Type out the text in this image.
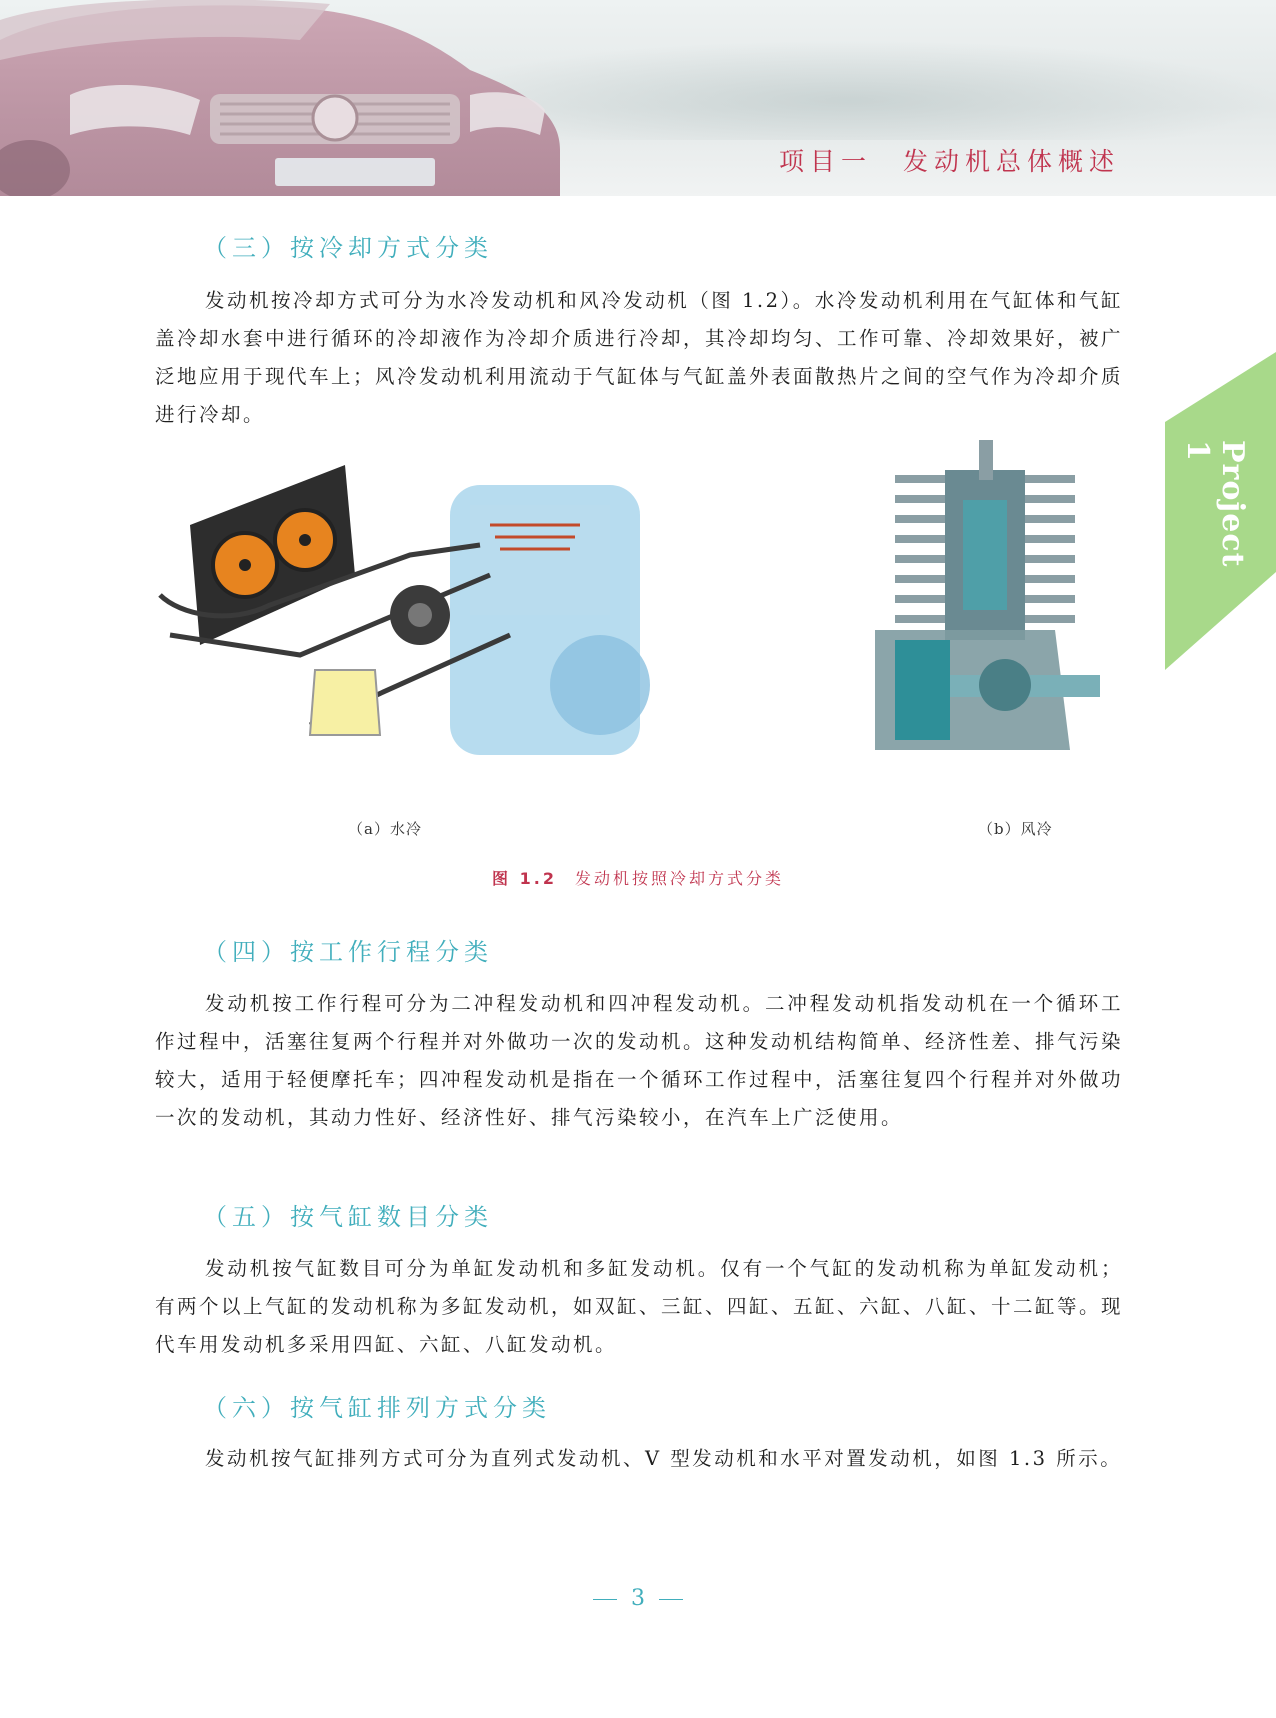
项目一　发动机总体概述
Project 1
（三）按冷却方式分类

发动机按冷却方式可分为水冷发动机和风冷发动机（图 1.2）。水冷发动机利用在气缸体和气缸盖冷却水套中进行循环的冷却液作为冷却介质进行冷却，其冷却均匀、工作可靠、冷却效果好，被广泛地应用于现代车上；风冷发动机利用流动于气缸体与气缸盖外表面散热片之间的空气作为冷却介质进行冷却。

（a）水冷	（b）风冷
图 1.2 发动机按照冷却方式分类
（四）按工作行程分类

发动机按工作行程可分为二冲程发动机和四冲程发动机。二冲程发动机指发动机在一个循环工作过程中，活塞往复两个行程并对外做功一次的发动机。这种发动机结构简单、经济性差、排气污染较大，适用于轻便摩托车；四冲程发动机是指在一个循环工作过程中，活塞往复四个行程并对外做功一次的发动机，其动力性好、经济性好、排气污染较小，在汽车上广泛使用。

（五）按气缸数目分类

发动机按气缸数目可分为单缸发动机和多缸发动机。仅有一个气缸的发动机称为单缸发动机；有两个以上气缸的发动机称为多缸发动机，如双缸、三缸、四缸、五缸、六缸、八缸、十二缸等。现代车用发动机多采用四缸、六缸、八缸发动机。

（六）按气缸排列方式分类

发动机按气缸排列方式可分为直列式发动机、V 型发动机和水平对置发动机，如图 1.3 所示。

3
